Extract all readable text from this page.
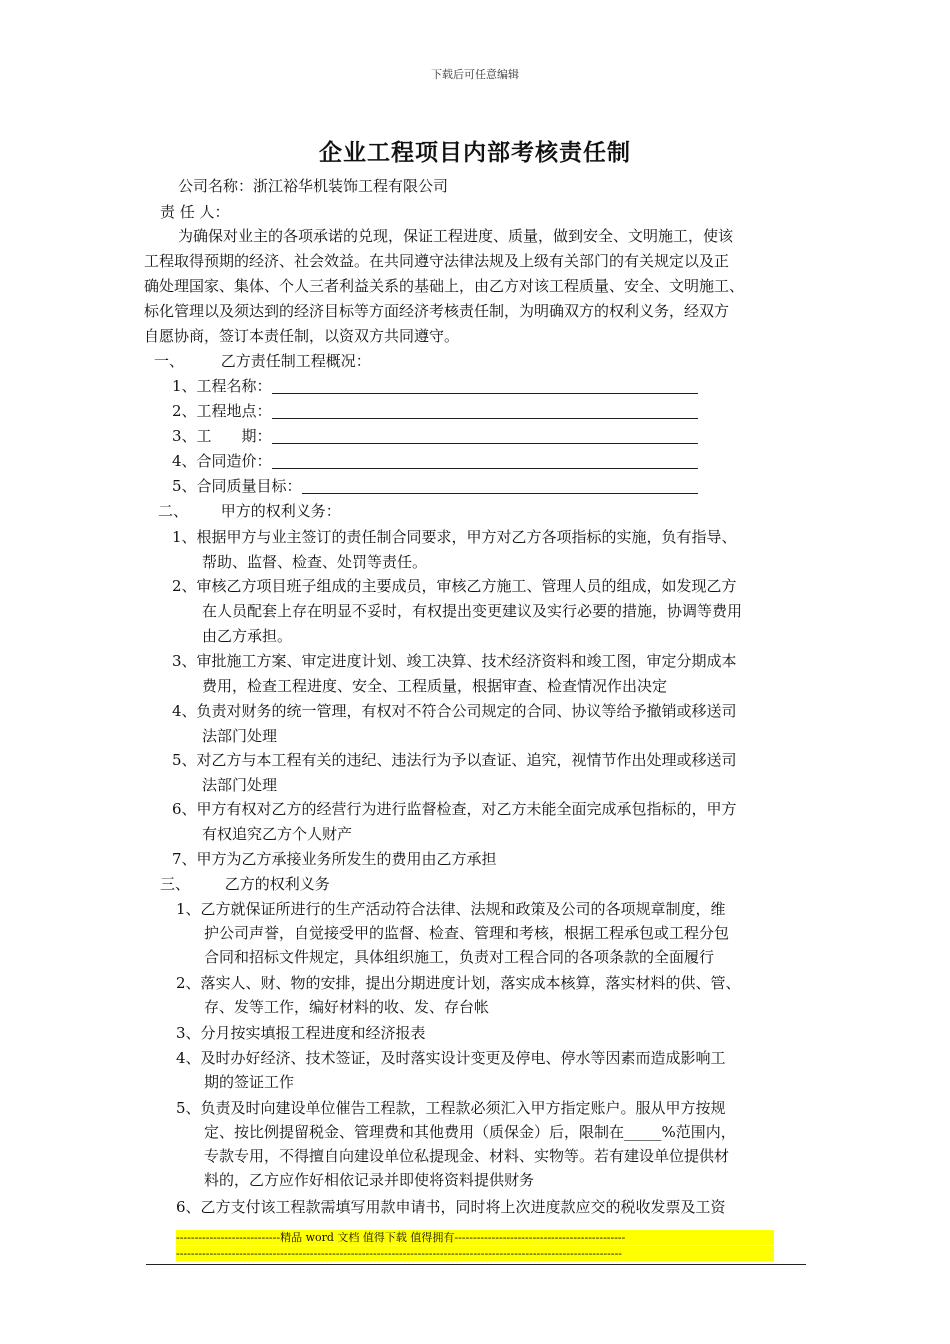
下载后可任意编辑
企业工程项目内部考核责任制
公司名称：浙江裕华机装饰工程有限公司
责 任 人：
为确保对业主的各项承诺的兑现，保证工程进度、质量，做到安全、文明施工，使该
工程取得预期的经济、社会效益。在共同遵守法律法规及上级有关部门的有关规定以及正
确处理国家、集体、个人三者利益关系的基础上，由乙方对该工程质量、安全、文明施工、
标化管理以及须达到的经济目标等方面经济考核责任制，为明确双方的权利义务，经双方
自愿协商，签订本责任制，以资双方共同遵守。
一、 乙方责任制工程概况：
1、工程名称：
2、工程地点：
3、工　　期：
4、合同造价：
5、合同质量目标：
二、 甲方的权利义务：
1、根据甲方与业主签订的责任制合同要求，甲方对乙方各项指标的实施，负有指导、
帮助、监督、检查、处罚等责任。
2、审核乙方项目班子组成的主要成员，审核乙方施工、管理人员的组成，如发现乙方
在人员配套上存在明显不妥时，有权提出变更建议及实行必要的措施，协调等费用
由乙方承担。
3、审批施工方案、审定进度计划、竣工决算、技术经济资料和竣工图，审定分期成本
费用，检查工程进度、安全、工程质量，根据审查、检查情况作出决定
4、负责对财务的统一管理，有权对不符合公司规定的合同、协议等给予撤销或移送司
法部门处理
5、对乙方与本工程有关的违纪、违法行为予以查证、追究，视情节作出处理或移送司
法部门处理
6、甲方有权对乙方的经营行为进行监督检查，对乙方未能全面完成承包指标的，甲方
有权追究乙方个人财产
7、甲方为乙方承接业务所发生的费用由乙方承担
三、 乙方的权利义务
1、乙方就保证所进行的生产活动符合法律、法规和政策及公司的各项规章制度，维
护公司声誉，自觉接受甲的监督、检查、管理和考核，根据工程承包或工程分包
合同和招标文件规定，具体组织施工，负责对工程合同的各项条款的全面履行
2、落实人、财、物的安排，提出分期进度计划，落实成本核算，落实材料的供、管、
存、发等工作，编好材料的收、发、存台帐
3、分月按实填报工程进度和经济报表
4、及时办好经济、技术签证，及时落实设计变更及停电、停水等因素而造成影响工
期的签证工作
5、负责及时向建设单位催告工程款，工程款必须汇入甲方指定账户。服从甲方按规
定、按比例提留税金、管理费和其他费用（质保金）后，限制在_____%范围内，
专款专用，不得擅自向建设单位私提现金、材料、实物等。若有建设单位提供材
料的，乙方应作好相依记录并即使将资料提供财务
6、乙方支付该工程款需填写用款申请书，同时将上次进度款应交的税收发票及工资
----------------------------精品 word 文档 值得下载 值得拥有----------------------------------------------
------------------------------------------------------------------------------------------------------------------------
